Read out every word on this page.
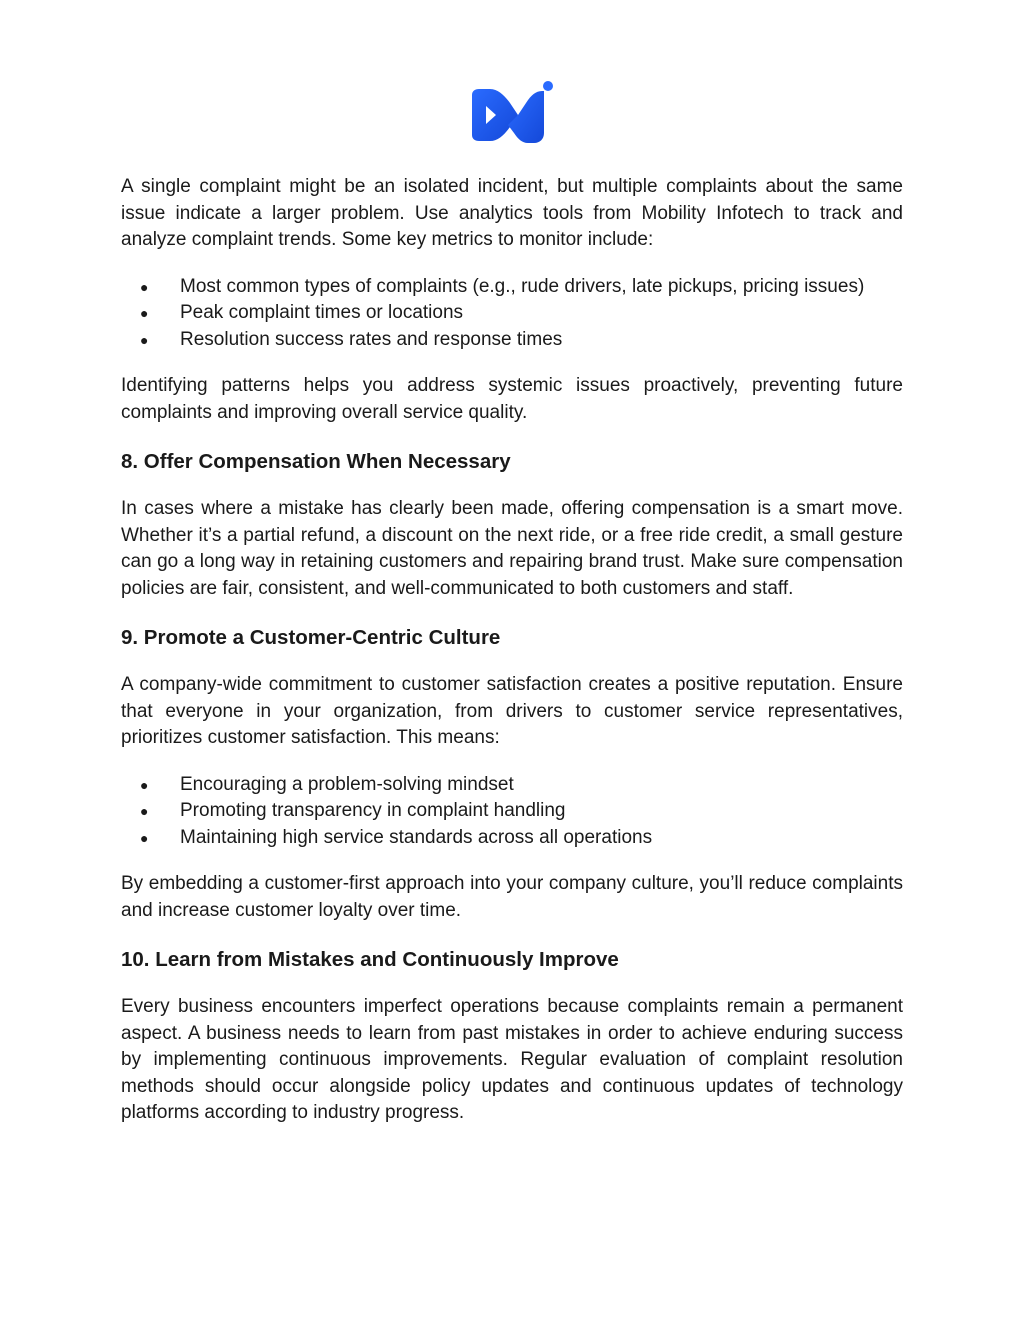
A single complaint might be an isolated incident, but multiple complaints about the same issue indicate a larger problem. Use analytics tools from Mobility Infotech to track and analyze complaint trends. Some key metrics to monitor include:

● Most common types of complaints (e.g., rude drivers, late pickups, pricing issues)
● Peak complaint times or locations
● Resolution success rates and response times

Identifying patterns helps you address systemic issues proactively, preventing future complaints and improving overall service quality.

8. Offer Compensation When Necessary

In cases where a mistake has clearly been made, offering compensation is a smart move. Whether it’s a partial refund, a discount on the next ride, or a free ride credit, a small gesture can go a long way in retaining customers and repairing brand trust. Make sure compensation policies are fair, consistent, and well-communicated to both customers and staff.

9. Promote a Customer-Centric Culture

A company-wide commitment to customer satisfaction creates a positive reputation. Ensure that everyone in your organization, from drivers to customer service representatives, prioritizes customer satisfaction. This means:

● Encouraging a problem-solving mindset
● Promoting transparency in complaint handling
● Maintaining high service standards across all operations

By embedding a customer-first approach into your company culture, you’ll reduce complaints and increase customer loyalty over time.

10. Learn from Mistakes and Continuously Improve

Every business encounters imperfect operations because complaints remain a permanent aspect. A business needs to learn from past mistakes in order to achieve enduring success by implementing continuous improvements. Regular evaluation of complaint resolution methods should occur alongside policy updates and continuous updates of technology platforms according to industry progress.
